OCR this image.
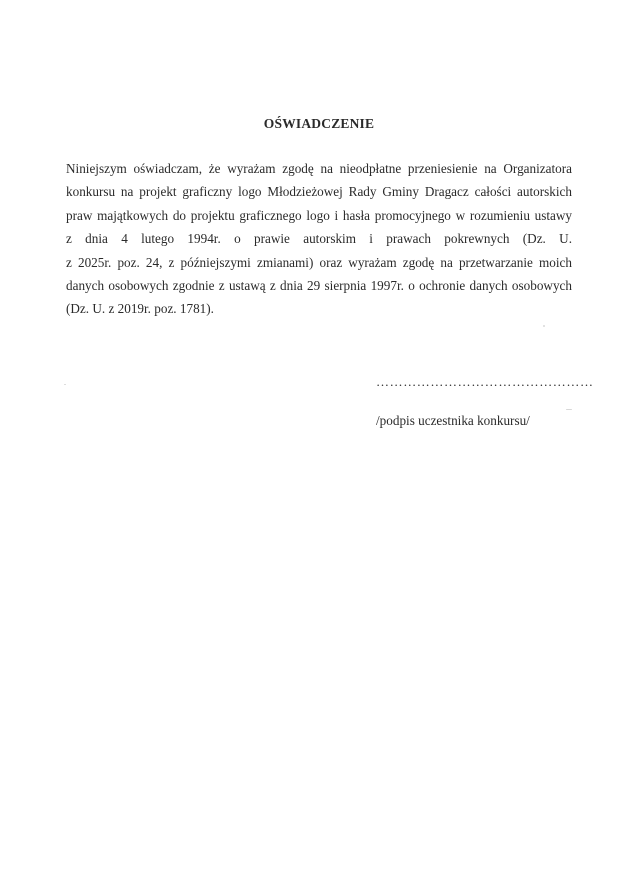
OŚWIADCZENIE
Niniejszym oświadczam, że wyrażam zgodę na nieodpłatne przeniesienie na Organizatora
konkursu na projekt graficzny logo Młodzieżowej Rady Gminy Dragacz całości autorskich
praw majątkowych do projektu graficznego logo i hasła promocyjnego w rozumieniu ustawy
z dnia 4 lutego 1994r. o prawie autorskim i prawach pokrewnych (Dz. U.
z 2025r. poz. 24, z późniejszymi zmianami) oraz wyrażam zgodę na przetwarzanie moich
danych osobowych zgodnie z ustawą z dnia 29 sierpnia 1997r. o ochronie danych osobowych
(Dz. U. z 2019r. poz. 1781).
…………………………………………
/podpis uczestnika konkursu/
